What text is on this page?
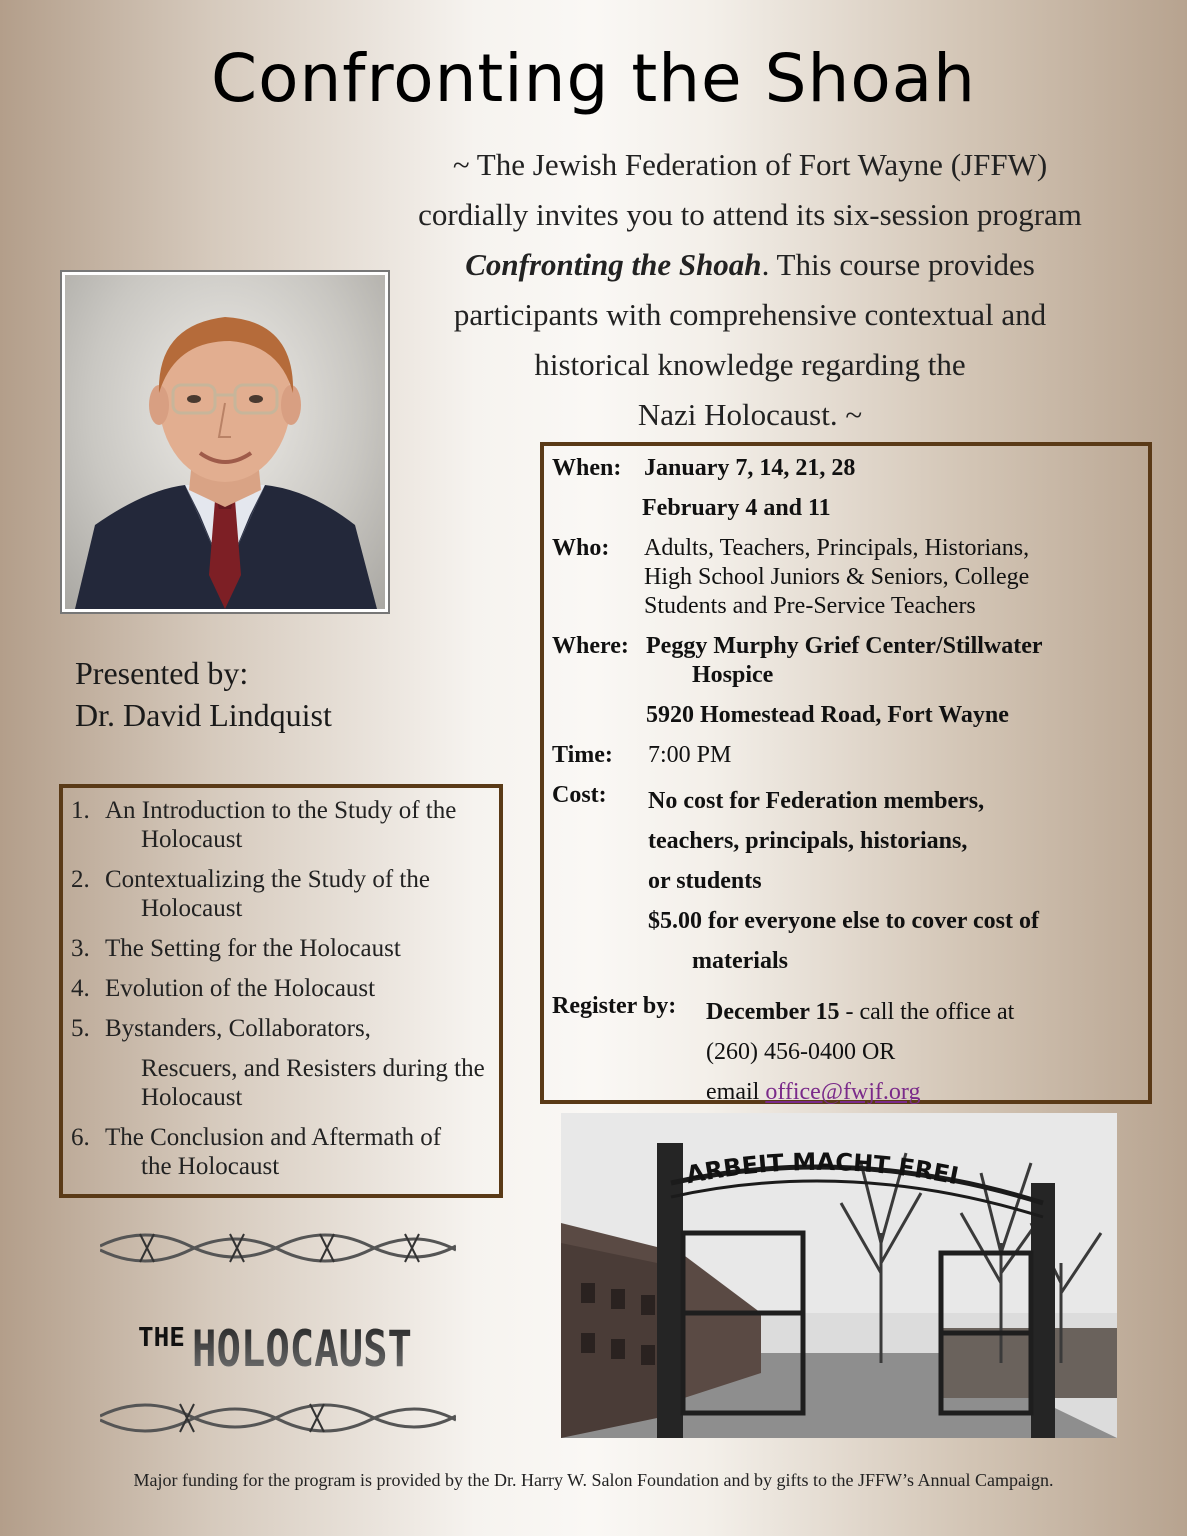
Confronting the Shoah
~ The Jewish Federation of Fort Wayne (JFFW)
cordially invites you to attend its six-session program
Confronting the Shoah. This course provides
participants with comprehensive contextual and
historical knowledge regarding the
Nazi Holocaust. ~
Presented by:
Dr. David Lindquist
1. An Introduction to the Study of the
Holocaust
2. Contextualizing the Study of the
Holocaust
3. The Setting for the Holocaust
4. Evolution of the Holocaust
5. Bystanders, Collaborators,
Rescuers, and Resisters during the Holocaust
6. The Conclusion and Aftermath of
the Holocaust
When: January 7, 14, 21, 28
February 4 and 11
Who:	Adults, Teachers, Principals, Historians,
High School Juniors & Seniors, College
Students and Pre-Service Teachers
Where: Peggy Murphy Grief Center/Stillwater
Hospice
5920 Homestead Road, Fort Wayne
Time:	7:00 PM
Cost:	No cost for Federation members,
teachers, principals, historians,
or students
$5.00 for everyone else to cover cost of
materials
Register by:	December 15 - call the office at
(260) 456-0400 OR
email office@fwjf.org
THE HOLOCAUST
ARBEIT MACHT FREI
Major funding for the program is provided by the Dr. Harry W. Salon Foundation and by gifts to the JFFW’s Annual Campaign.
